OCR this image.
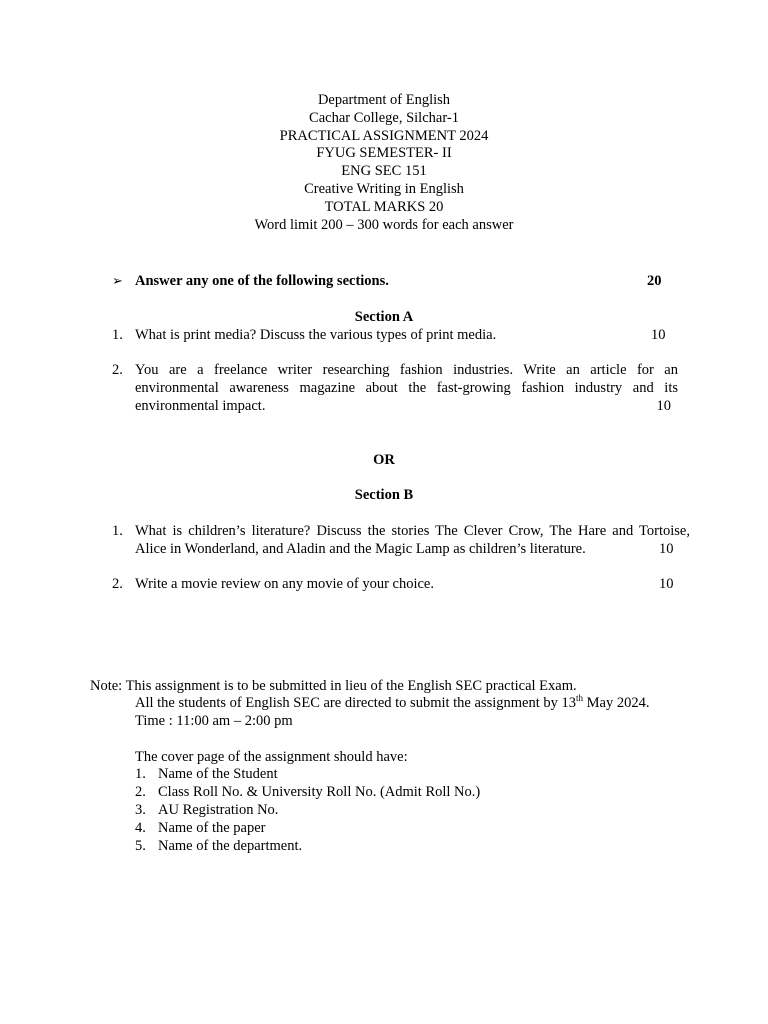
Department of English
Cachar College, Silchar-1
PRACTICAL ASSIGNMENT 2024
FYUG SEMESTER- II
ENG SEC 151
Creative Writing in English
TOTAL MARKS 20
Word limit 200 – 300 words for each answer
➢ Answer any one of the following sections.	20
Section A
1. What is print media? Discuss the various types of print media.	10
2. You are a freelance writer researching fashion industries. Write an article for an
environmental awareness magazine about the fast-growing fashion industry and its
environmental impact.	10
OR
Section B
1. What is children’s literature? Discuss the stories The Clever Crow, The Hare and Tortoise,
Alice in Wonderland, and Aladin and the Magic Lamp as children’s literature.	10
2. Write a movie review on any movie of your choice.	10
Note: This assignment is to be submitted in lieu of the English SEC practical Exam.
All the students of English SEC are directed to submit the assignment by 13th May 2024.
Time : 11:00 am – 2:00 pm
The cover page of the assignment should have:
1. Name of the Student
2. Class Roll No. & University Roll No. (Admit Roll No.)
3. AU Registration No.
4. Name of the paper
5. Name of the department.
